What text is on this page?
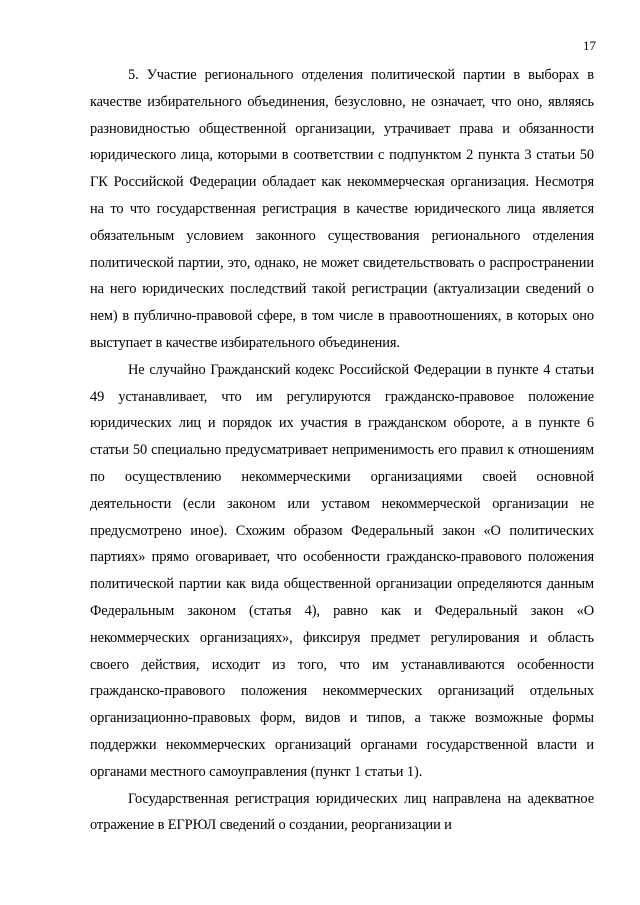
17

5. Участие регионального отделения политической партии в выборах в качестве избирательного объединения, безусловно, не означает, что оно, являясь разновидностью общественной организации, утрачивает права и обязанности юридического лица, которыми в соответствии с подпунктом 2 пункта 3 статьи 50 ГК Российской Федерации обладает как некоммерческая организация. Несмотря на то что государственная регистрация в качестве юридического лица является обязательным условием законного существования регионального отделения политической партии, это, однако, не может свидетельствовать о распространении на него юридических последствий такой регистрации (актуализации сведений о нем) в публично-правовой сфере, в том числе в правоотношениях, в которых оно выступает в качестве избирательного объединения.

Не случайно Гражданский кодекс Российской Федерации в пункте 4 статьи 49 устанавливает, что им регулируются гражданско-правовое положение юридических лиц и порядок их участия в гражданском обороте, а в пункте 6 статьи 50 специально предусматривает неприменимость его правил к отношениям по осуществлению некоммерческими организациями своей основной деятельности (если законом или уставом некоммерческой организации не предусмотрено иное). Схожим образом Федеральный закон «О политических партиях» прямо оговаривает, что особенности гражданско-правового положения политической партии как вида общественной организации определяются данным Федеральным законом (статья 4), равно как и Федеральный закон «О некоммерческих организациях», фиксируя предмет регулирования и область своего действия, исходит из того, что им устанавливаются особенности гражданско-правового положения некоммерческих организаций отдельных организационно-правовых форм, видов и типов, а также возможные формы поддержки некоммерческих организаций органами государственной власти и органами местного самоуправления (пункт 1 статьи 1).

Государственная регистрация юридических лиц направлена на адекватное отражение в ЕГРЮЛ сведений о создании, реорганизации и
